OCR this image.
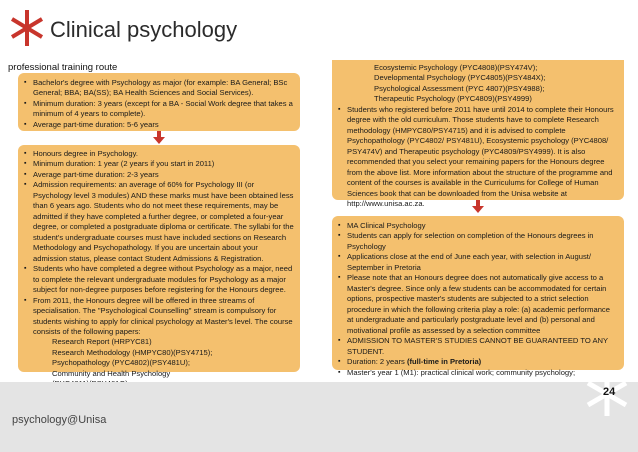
Clinical psychology
professional training route
▪ Bachelor's degree with Psychology as major (for example: BA General; BSc General; BBA; BA(SS); BA Health Sciences and Social Services).
▪ Minimum duration: 3 years (except for a BA - Social Work degree that takes a minimum of 4 years to complete).
▪ Average part-time duration: 5-6 years
▪ Honours degree in Psychology.
▪ Minimum duration: 1 year (2 years if you start in 2011)
▪ Average part-time duration: 2-3 years
▪ Admission requirements: an average of 60% for Psychology III (or Psychology level 3 modules) AND these marks must have been obtained less than 6 years ago. Students who do not meet these requirements, may be admitted if they have completed a further degree, or completed a four-year degree, or completed a postgraduate diploma or certificate. The syllabi for the student's undergraduate courses must have included sections on Research Methodology and Psychopathology. If you are uncertain about your admission status, please contact Student Admissions & Registration.
▪ Students who have completed a degree without Psychology as a major, need to complete the relevant undergraduate modules for Psychology as a major subject for non-degree purposes before registering for the Honours degree.
▪ From 2011, the Honours degree will be offered in three streams of specialisation. The "Psychological Counselling" stream is compulsory for students wishing to apply for clinical psychology at Master's level. The course consists of the following papers:
Research Report (HRPYC81)
Research Methodology (HMPYC80)(PSY4715);
Psychopathology (PYC4802)(PSY481U);
Community and Health Psychology
Ecosystemic Psychology (PYC4808)(PSY474V);
Developmental Psychology (PYC4805)(PSY484X);
Psychological Assessment (PYC 4807)(PSY4988);
Therapeutic Psychology (PYC4809)(PSY4999)
▪ Students who registered before 2011 have until 2014 to complete their Honours degree with the old curriculum. Those students have to complete Research methodology (HMPYC80/PSY4715) and it is advised to complete Psychopathology (PYC4802/ PSY481U), Ecosystemic psychology (PYC4808/ PSY474V) and Therapeutic psychology (PYC4809/PSY4999). It is also recommended that you select your remaining papers for the Honours degree from the above list. More information about the structure of the programme and content of the courses is available in the Curriculums for College of Human Sciences book that can be downloaded from the Unisa website at http://www.unisa.ac.za.
▪ MA Clinical Psychology
▪ Students can apply for selection on completion of the Honours degrees in Psychology
▪ Applications close at the end of June each year, with selection in August/ September in Pretoria
▪ Please note that an Honours degree does not automatically give access to a Master's degree. Since only a few students can be accommodated for certain options, prospective master's students are subjected to a strict selection procedure in which the following criteria play a role: (a) academic performance at undergraduate and particularly postgraduate level and (b) personal and motivational profile as assessed by a selection committee
▪ ADMISSION TO MASTER'S STUDIES CANNOT BE GUARANTEED TO ANY STUDENT.
▪ Duration: 2 years (full-time in Pretoria)
▪ Master's year 1 (M1): practical clinical work; community psychology;
psychology@Unisa
24
